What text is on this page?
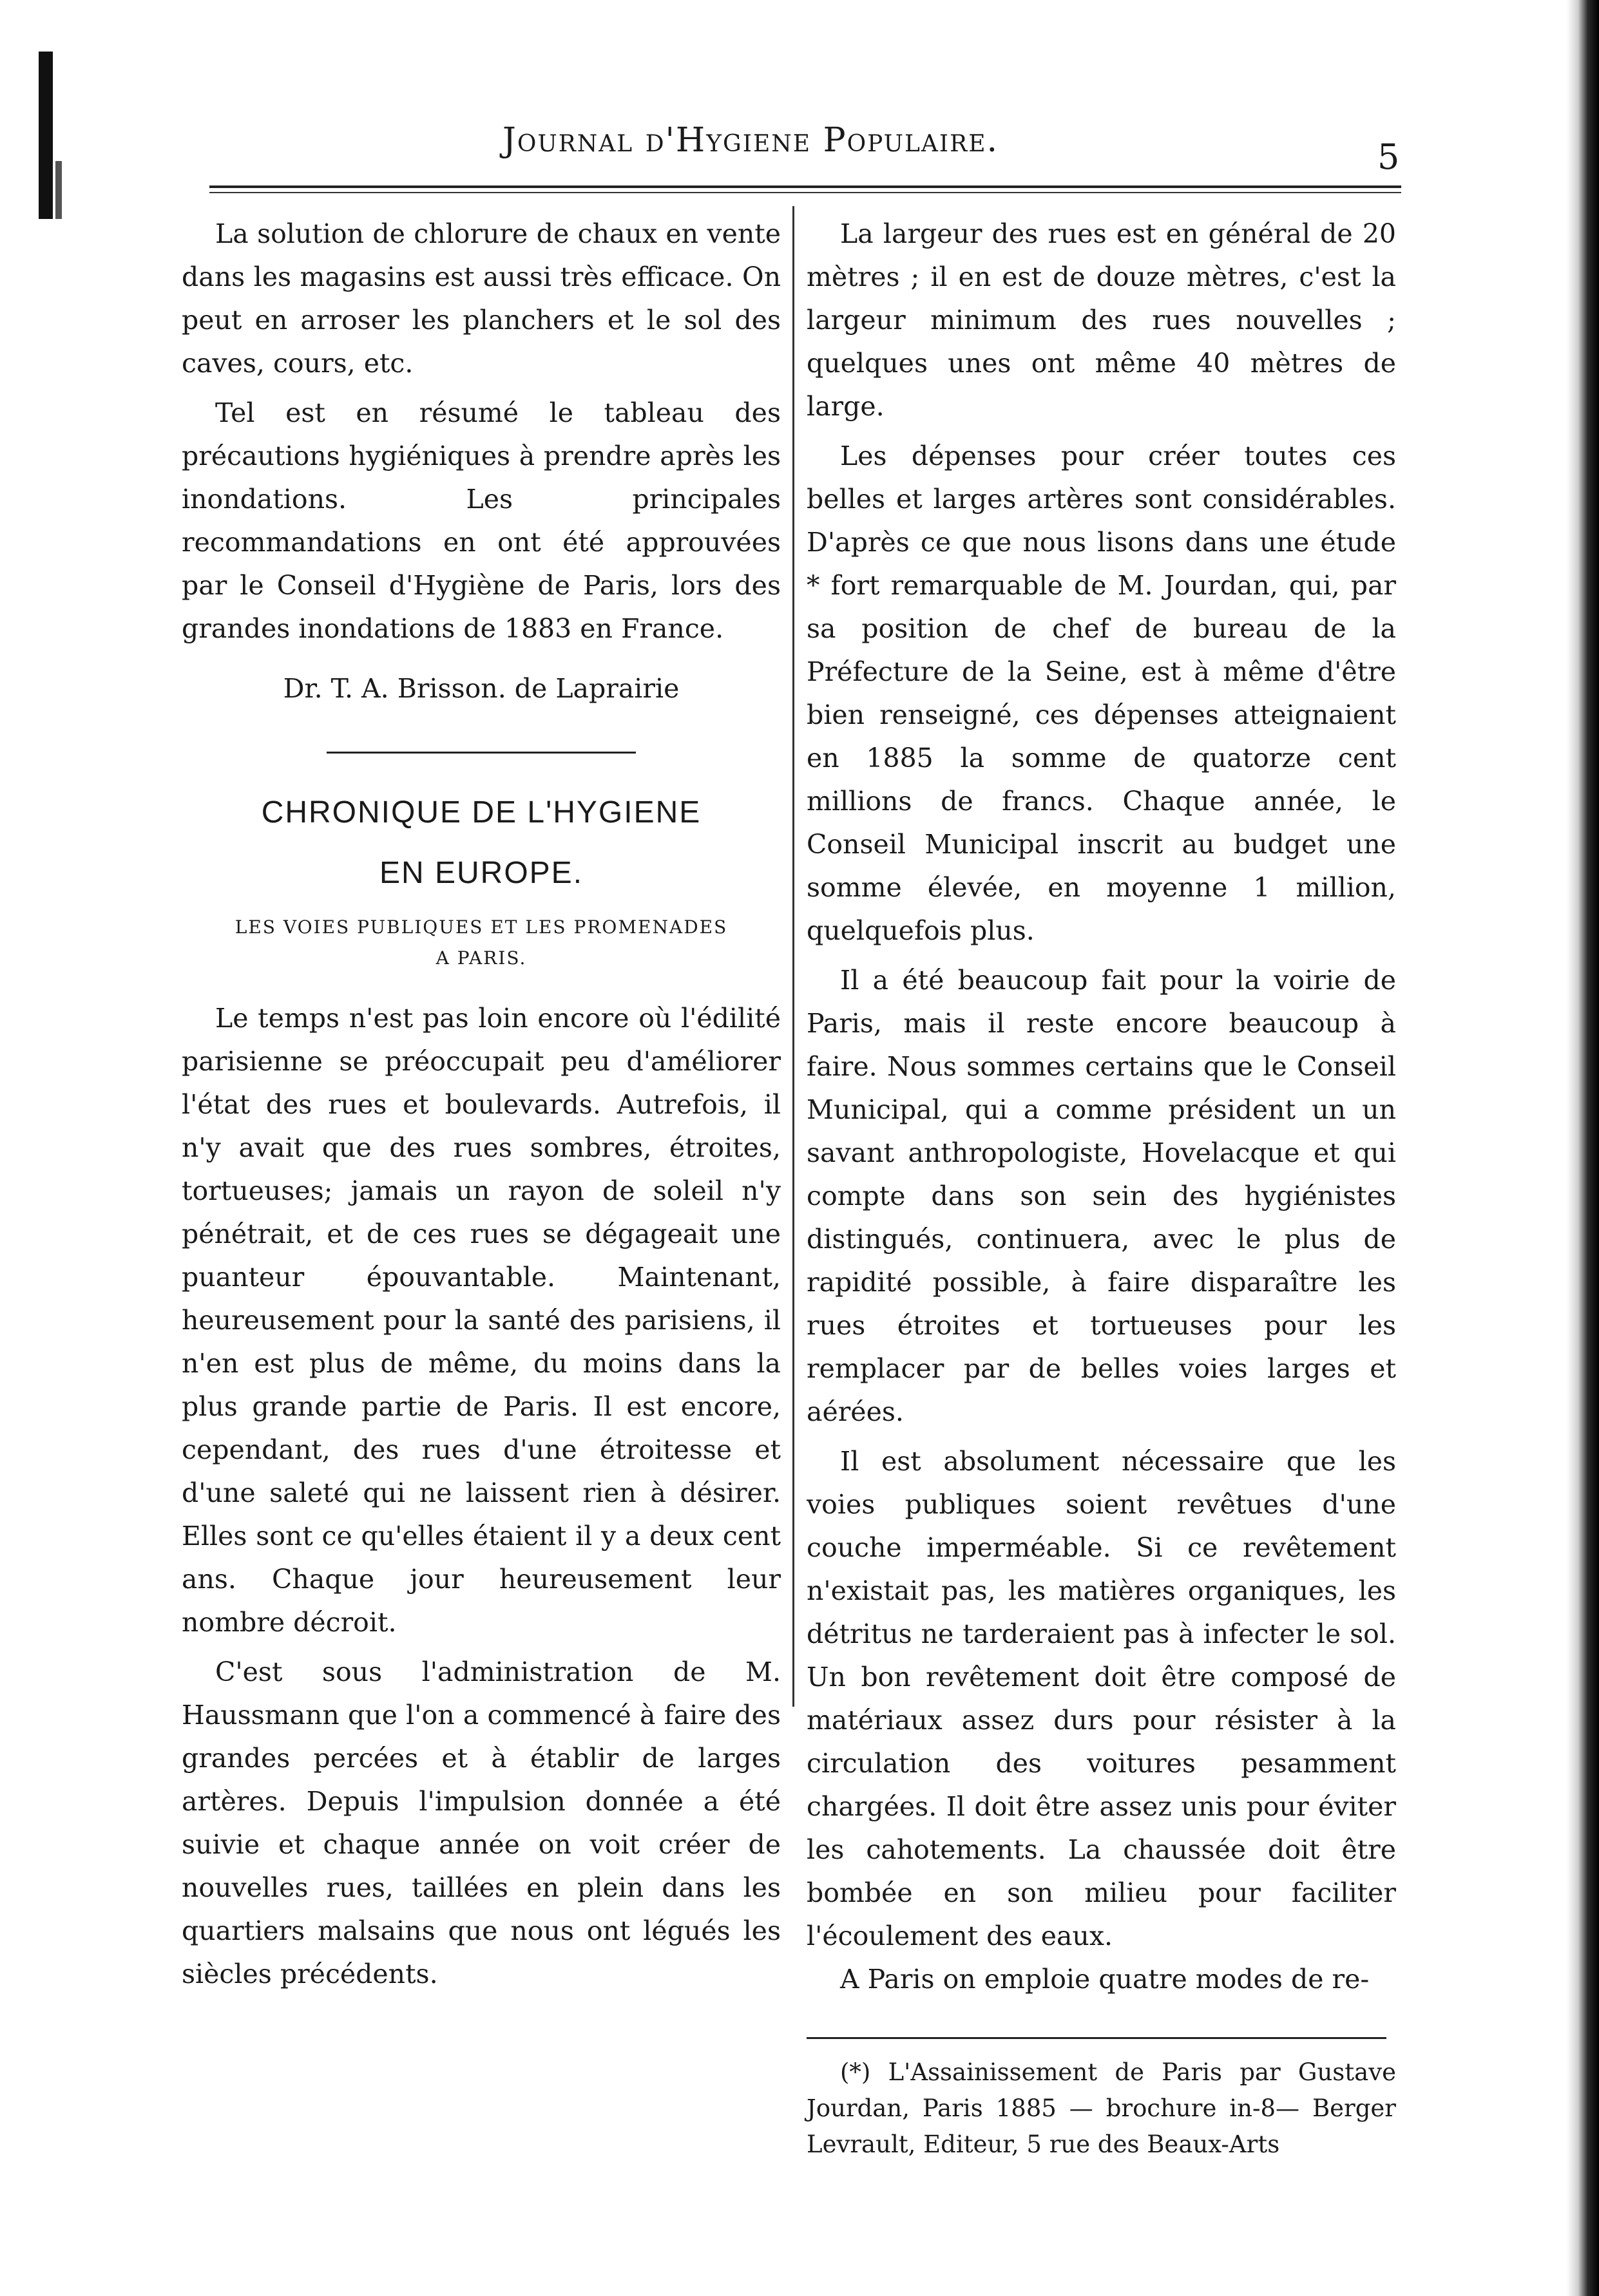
Journal d'Hygiene Populaire.	5

La solution de chlorure de chaux en vente dans les magasins est aussi très efficace. On peut en arroser les planchers et le sol des caves, cours, etc.

Tel est en résumé le tableau des précautions hygiéniques à prendre après les inondations. Les principales recommandations en ont été approuvées par le Conseil d'Hygiène de Paris, lors des grandes inondations de 1883 en France.

Dr. T. A. Brisson. de Laprairie

CHRONIQUE DE L'HYGIENE

EN EUROPE.

LES VOIES PUBLIQUES ET LES PROMENADES

A PARIS.

Le temps n'est pas loin encore où l'édilité parisienne se préoccupait peu d'améliorer l'état des rues et boulevards. Autrefois, il n'y avait que des rues sombres, étroites, tortueuses; jamais un rayon de soleil n'y pénétrait, et de ces rues se dégageait une puanteur épouvantable. Maintenant, heureusement pour la santé des parisiens, il n'en est plus de même, du moins dans la plus grande partie de Paris. Il est encore, cependant, des rues d'une étroitesse et d'une saleté qui ne laissent rien à désirer. Elles sont ce qu'elles étaient il y a deux cent ans. Chaque jour heureusement leur nombre décroit.

C'est sous l'administration de M. Haussmann que l'on a commencé à faire des grandes percées et à établir de larges artères. Depuis l'impulsion donnée a été suivie et chaque année on voit créer de nouvelles rues, taillées en plein dans les quartiers malsains que nous ont légués les siècles précédents.

La largeur des rues est en général de 20 mètres ; il en est de douze mètres, c'est la largeur minimum des rues nouvelles ; quelques unes ont même 40 mètres de large.

Les dépenses pour créer toutes ces belles et larges artères sont considérables. D'après ce que nous lisons dans une étude * fort remarquable de M. Jourdan, qui, par sa position de chef de bureau de la Préfecture de la Seine, est à même d'être bien renseigné, ces dépenses atteignaient en 1885 la somme de quatorze cent millions de francs. Chaque année, le Conseil Municipal inscrit au budget une somme élevée, en moyenne 1 million, quelquefois plus.

Il a été beaucoup fait pour la voirie de Paris, mais il reste encore beaucoup à faire. Nous sommes certains que le Conseil Municipal, qui a comme président un un savant anthropologiste, Hovelacque et qui compte dans son sein des hygiénistes distingués, continuera, avec le plus de rapidité possible, à faire disparaître les rues étroites et tortueuses pour les remplacer par de belles voies larges et aérées.

Il est absolument nécessaire que les voies publiques soient revêtues d'une couche imperméable. Si ce revêtement n'existait pas, les matières organiques, les détritus ne tarderaient pas à infecter le sol. Un bon revêtement doit être composé de matériaux assez durs pour résister à la circulation des voitures pesamment chargées. Il doit être assez unis pour éviter les cahotements. La chaussée doit être bombée en son milieu pour faciliter l'écoulement des eaux.

A Paris on emploie quatre modes de re-

(*) L'Assainissement de Paris par Gustave Jourdan, Paris 1885 — brochure in-8— Berger Levrault, Editeur, 5 rue des Beaux-Arts
